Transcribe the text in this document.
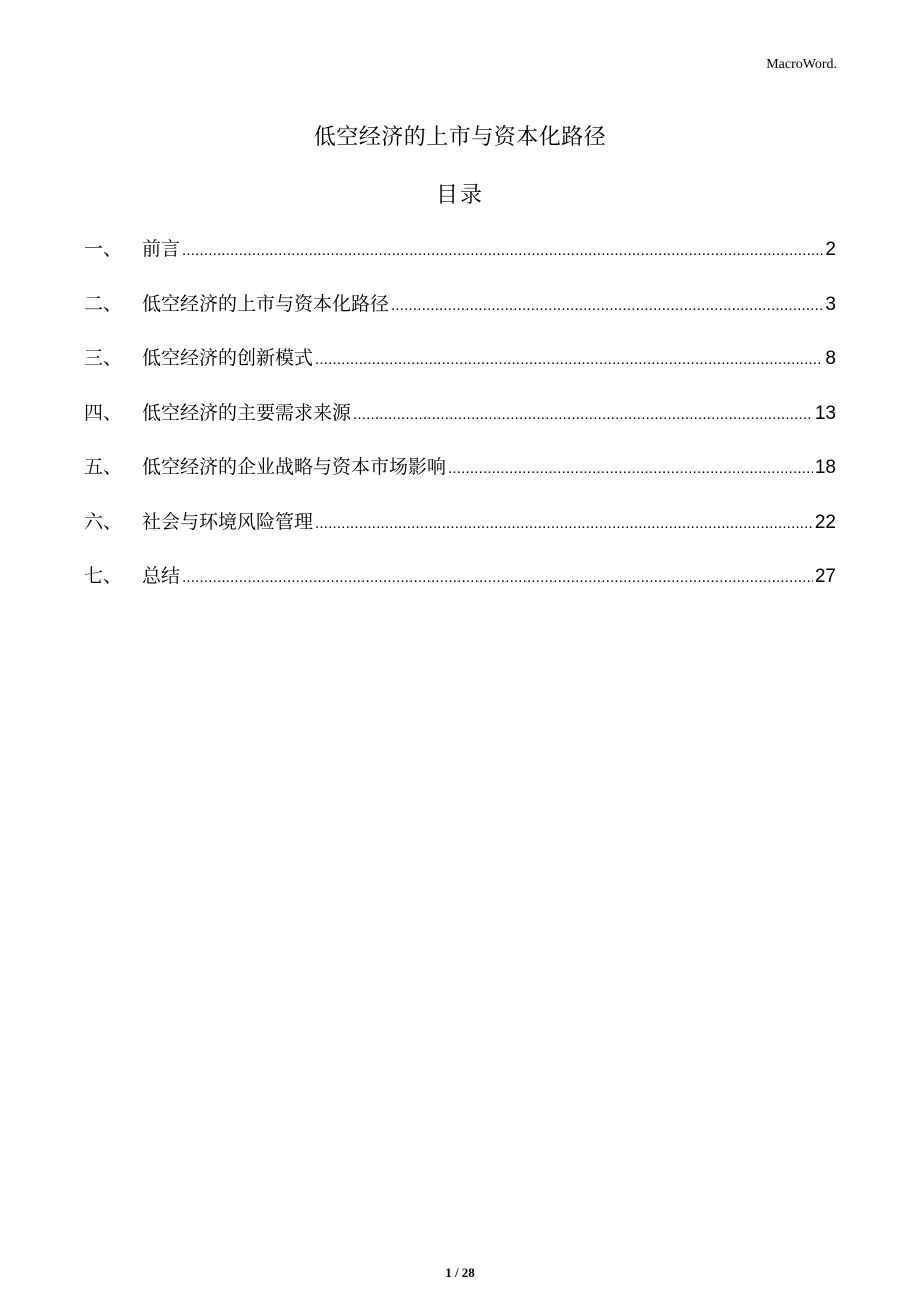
MacroWord.
低空经济的上市与资本化路径
目录
一、	前言 .....	2
二、	低空经济的上市与资本化路径 .....	3
三、	低空经济的创新模式 .....	8
四、	低空经济的主要需求来源 .....	13
五、	低空经济的企业战略与资本市场影响 .....	18
六、	社会与环境风险管理 .....	22
七、	总结 .....	27
1 / 28
